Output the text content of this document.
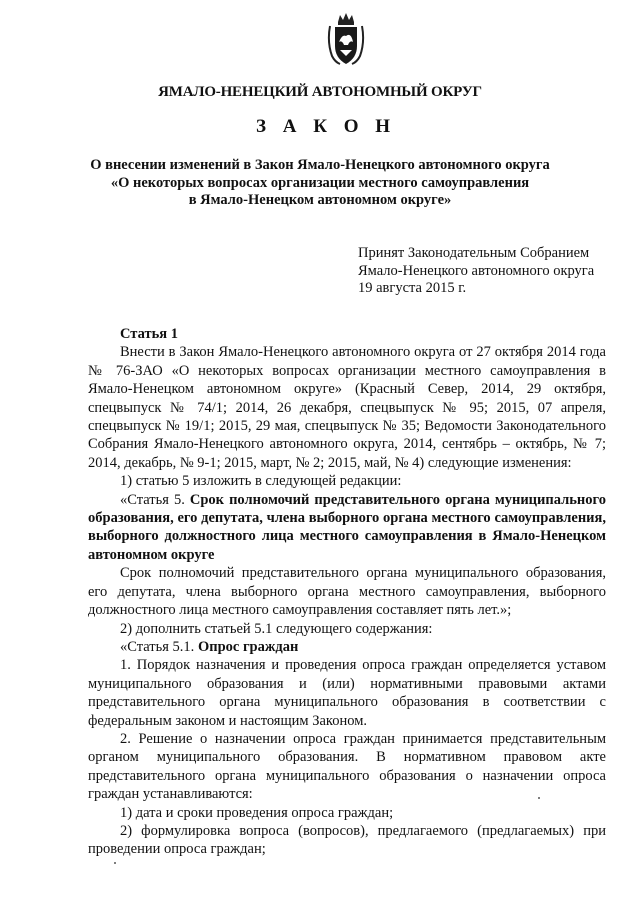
ЯМАЛО-НЕНЕЦКИЙ АВТОНОМНЫЙ ОКРУГ
З А К О Н
О внесении изменений в Закон Ямало-Ненецкого автономного округа
«О некоторых вопросах организации местного самоуправления
в Ямало-Ненецком автономном округе»
Принят Законодательным Собранием
Ямало-Ненецкого автономного округа
19 августа 2015 г.

Статья 1

Внести в Закон Ямало-Ненецкого автономного округа от 27 октября 2014 года № 76-ЗАО «О некоторых вопросах организации местного самоуправления в Ямало-Ненецком автономном округе» (Красный Север, 2014, 29 октября, спецвыпуск № 74/1; 2014, 26 декабря, спецвыпуск № 95; 2015, 07 апреля, спецвыпуск № 19/1; 2015, 29 мая, спецвыпуск № 35; Ведомости Законодательного Собрания Ямало-Ненецкого автономного округа, 2014, сентябрь – октябрь, № 7; 2014, декабрь, № 9-1; 2015, март, № 2; 2015, май, № 4) следующие изменения:

1) статью 5 изложить в следующей редакции:

«Статья 5. Срок полномочий представительного органа муниципального образования, его депутата, члена выборного органа местного самоуправления, выборного должностного лица местного самоуправления в Ямало-Ненецком автономном округе

Срок полномочий представительного органа муниципального образования, его депутата, члена выборного органа местного самоуправления, выборного должностного лица местного самоуправления составляет пять лет.»;

2) дополнить статьей 5.1 следующего содержания:

«Статья 5.1. Опрос граждан

1. Порядок назначения и проведения опроса граждан определяется уставом муниципального образования и (или) нормативными правовыми актами представительного органа муниципального образования в соответствии с федеральным законом и настоящим Законом.

2. Решение о назначении опроса граждан принимается представительным органом муниципального образования. В нормативном правовом акте представительного органа муниципального образования о назначении опроса граждан устанавливаются:

1) дата и сроки проведения опроса граждан;

2) формулировка вопроса (вопросов), предлагаемого (предлагаемых) при проведении опроса граждан;
